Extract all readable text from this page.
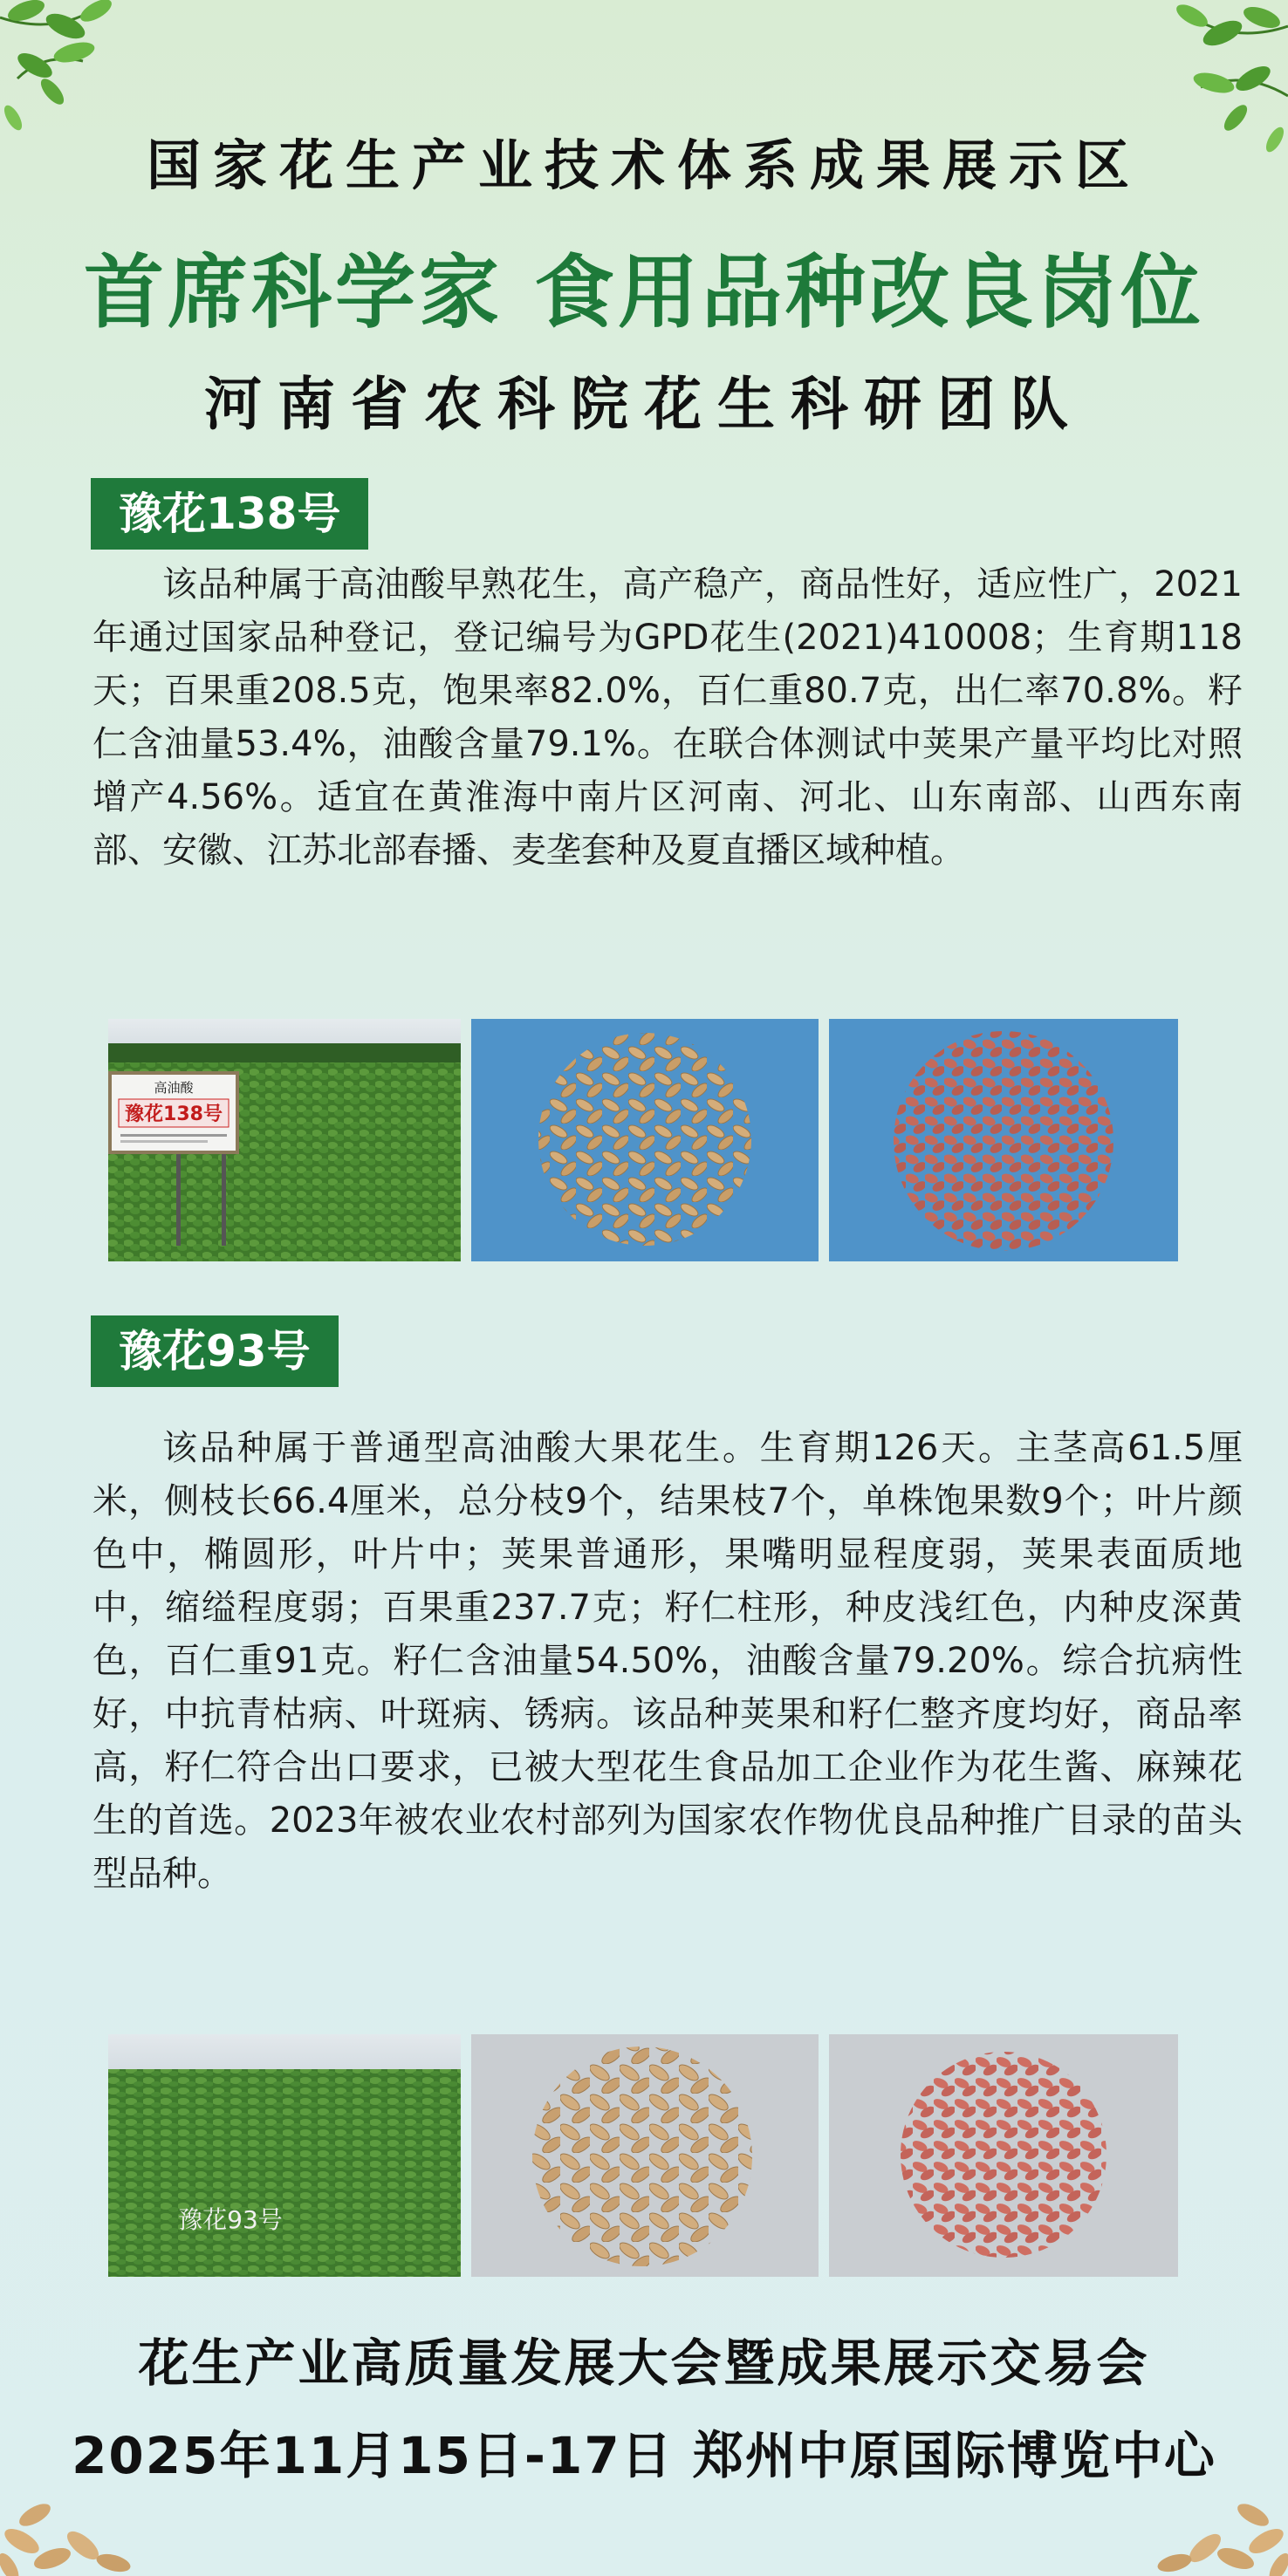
国家花生产业技术体系成果展示区
首席科学家 食用品种改良岗位
河南省农科院花生科研团队
豫花138号

该品种属于高油酸早熟花生，高产稳产，商品性好，适应性广，2021年通过国家品种登记，登记编号为GPD花生(2021)410008；生育期118天；百果重208.5克，饱果率82.0%，百仁重80.7克，出仁率70.8%。籽仁含油量53.4%，油酸含量79.1%。在联合体测试中荚果产量平均比对照增产4.56%。适宜在黄淮海中南片区河南、河北、山东南部、山西东南部、安徽、江苏北部春播、麦垄套种及夏直播区域种植。

高油酸
豫花138号
豫花93号

该品种属于普通型高油酸大果花生。生育期126天。主茎高61.5厘米，侧枝长66.4厘米，总分枝9个，结果枝7个，单株饱果数9个；叶片颜色中，椭圆形，叶片中；荚果普通形，果嘴明显程度弱，荚果表面质地中，缩缢程度弱；百果重237.7克；籽仁柱形，种皮浅红色，内种皮深黄色，百仁重91克。籽仁含油量54.50%，油酸含量79.20%。综合抗病性好，中抗青枯病、叶斑病、锈病。该品种荚果和籽仁整齐度均好，商品率高，籽仁符合出口要求，已被大型花生食品加工企业作为花生酱、麻辣花生的首选。2023年被农业农村部列为国家农作物优良品种推广目录的苗头型品种。

豫花93号
花生产业高质量发展大会暨成果展示交易会
2025年11月15日-17日 郑州中原国际博览中心
